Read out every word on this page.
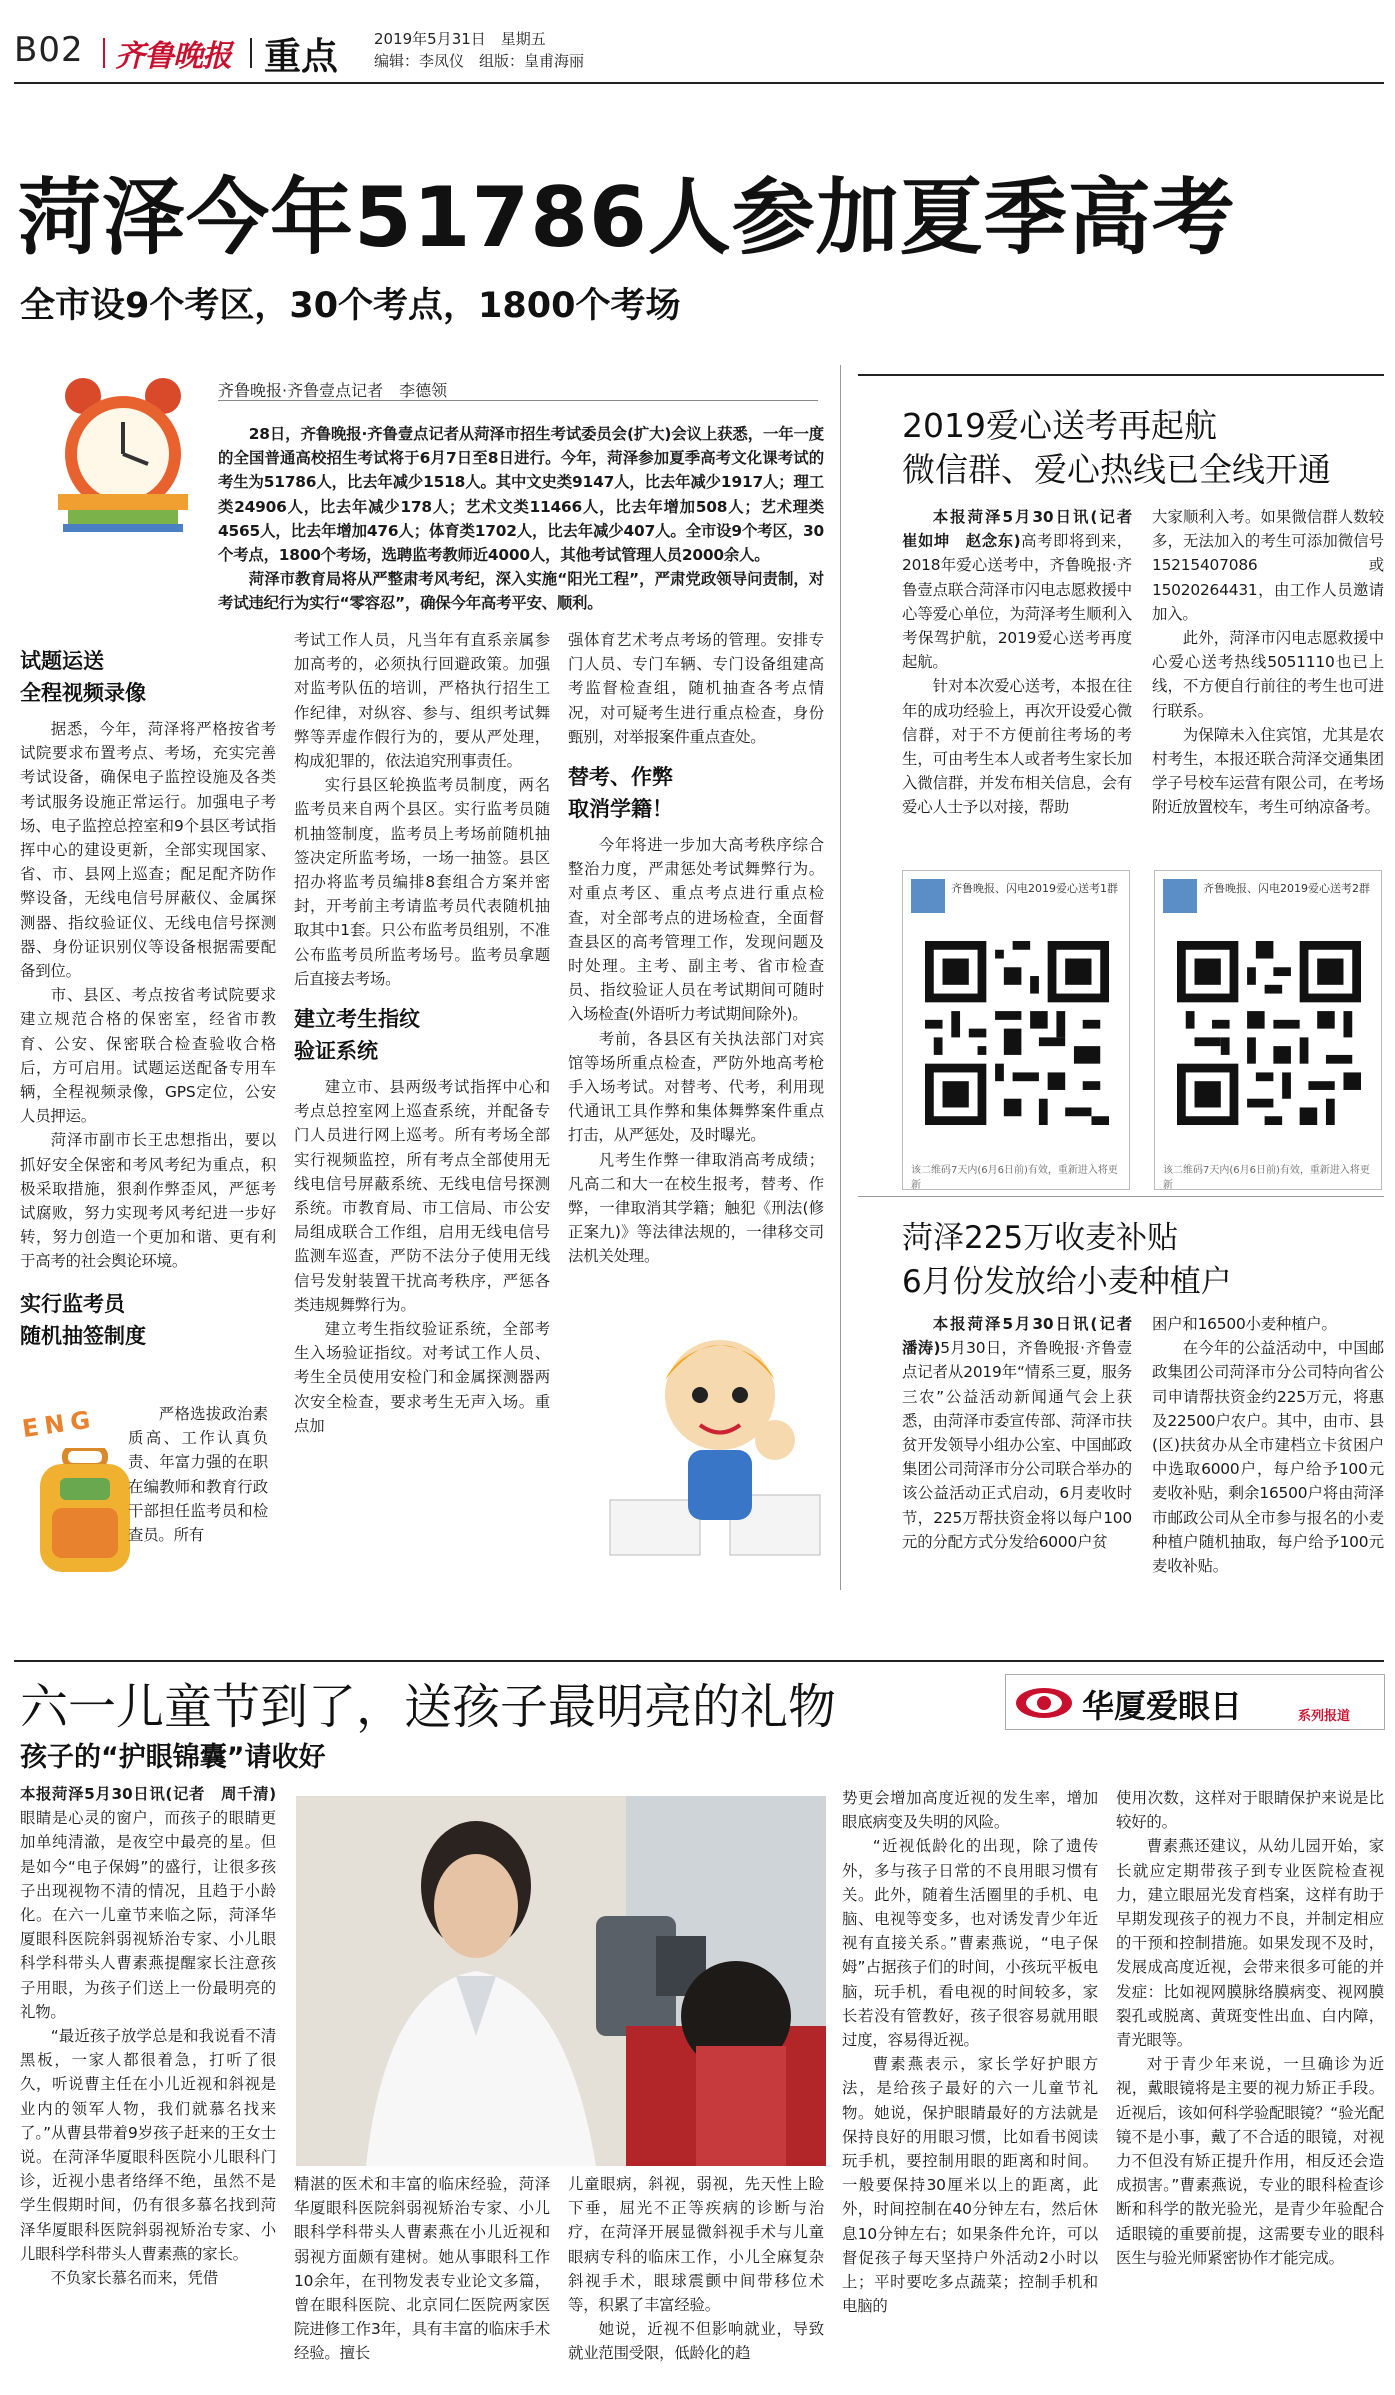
B02 齐鲁晚报 重点 2019年5月31日　星期五
编辑：李凤仪　组版：皇甫海丽
菏泽今年51786人参加夏季高考
全市设9个考区，30个考点，1800个考场
齐鲁晚报·齐鲁壹点记者　李德领

28日，齐鲁晚报·齐鲁壹点记者从菏泽市招生考试委员会(扩大)会议上获悉，一年一度的全国普通高校招生考试将于6月7日至8日进行。今年，菏泽参加夏季高考文化课考试的考生为51786人，比去年减少1518人。其中文史类9147人，比去年减少1917人；理工类24906人，比去年减少178人；艺术文类11466人，比去年增加508人；艺术理类4565人，比去年增加476人；体育类1702人，比去年减少407人。全市设9个考区，30个考点，1800个考场，选聘监考教师近4000人，其他考试管理人员2000余人。

菏泽市教育局将从严整肃考风考纪，深入实施“阳光工程”，严肃党政领导问责制，对考试违纪行为实行“零容忍”，确保今年高考平安、顺利。

试题运送
全程视频录像

据悉，今年，菏泽将严格按省考试院要求布置考点、考场，充实完善考试设备，确保电子监控设施及各类考试服务设施正常运行。加强电子考场、电子监控总控室和9个县区考试指挥中心的建设更新，全部实现国家、省、市、县网上巡查；配足配齐防作弊设备，无线电信号屏蔽仪、金属探测器、指纹验证仪、无线电信号探测器、身份证识别仪等设备根据需要配备到位。

市、县区、考点按省考试院要求建立规范合格的保密室，经省市教育、公安、保密联合检查验收合格后，方可启用。试题运送配备专用车辆，全程视频录像，GPS定位，公安人员押运。

菏泽市副市长王忠想指出，要以抓好安全保密和考风考纪为重点，积极采取措施，狠刹作弊歪风，严惩考试腐败，努力实现考风考纪进一步好转，努力创造一个更加和谐、更有利于高考的社会舆论环境。

实行监考员
随机抽签制度
ENG	严格选拔政治素质高、工作认真负责、年富力强的在职在编教师和教育行政干部担任监考员和检查员。所有

考试工作人员，凡当年有直系亲属参加高考的，必须执行回避政策。加强对监考队伍的培训，严格执行招生工作纪律，对纵容、参与、组织考试舞弊等弄虚作假行为的，要从严处理，构成犯罪的，依法追究刑事责任。

实行县区轮换监考员制度，两名监考员来自两个县区。实行监考员随机抽签制度，监考员上考场前随机抽签决定所监考场，一场一抽签。县区招办将监考员编排8套组合方案并密封，开考前主考请监考员代表随机抽取其中1套。只公布监考员组别，不准公布监考员所监考场号。监考员拿题后直接去考场。

建立考生指纹
验证系统

建立市、县两级考试指挥中心和考点总控室网上巡查系统，并配备专门人员进行网上巡考。所有考场全部实行视频监控，所有考点全部使用无线电信号屏蔽系统、无线电信号探测系统。市教育局、市工信局、市公安局组成联合工作组，启用无线电信号监测车巡查，严防不法分子使用无线信号发射装置干扰高考秩序，严惩各类违规舞弊行为。

建立考生指纹验证系统，全部考生入场验证指纹。对考试工作人员、考生全员使用安检门和金属探测器两次安全检查，要求考生无声入场。重点加

强体育艺术考点考场的管理。安排专门人员、专门车辆、专门设备组建高考监督检查组，随机抽查各考点情况，对可疑考生进行重点检查，身份甄别，对举报案件重点查处。

替考、作弊
取消学籍！

今年将进一步加大高考秩序综合整治力度，严肃惩处考试舞弊行为。对重点考区、重点考点进行重点检查，对全部考点的进场检查，全面督查县区的高考管理工作，发现问题及时处理。主考、副主考、省市检查员、指纹验证人员在考试期间可随时入场检查(外语听力考试期间除外)。

考前，各县区有关执法部门对宾馆等场所重点检查，严防外地高考枪手入场考试。对替考、代考，利用现代通讯工具作弊和集体舞弊案件重点打击，从严惩处，及时曝光。

凡考生作弊一律取消高考成绩；凡高二和大一在校生报考，替考、作弊，一律取消其学籍；触犯《刑法(修正案九)》等法律法规的，一律移交司法机关处理。

2019爱心送考再起航
微信群、爱心热线已全线开通

本报菏泽5月30日讯(记者　崔如坤　赵念东)高考即将到来，2018年爱心送考中，齐鲁晚报·齐鲁壹点联合菏泽市闪电志愿救援中心等爱心单位，为菏泽考生顺利入考保驾护航，2019爱心送考再度起航。

针对本次爱心送考，本报在往年的成功经验上，再次开设爱心微信群，对于不方便前往考场的考生，可由考生本人或者考生家长加入微信群，并发布相关信息，会有爱心人士予以对接，帮助

大家顺利入考。如果微信群人数较多，无法加入的考生可添加微信号15215407086或15020264431，由工作人员邀请加入。

此外，菏泽市闪电志愿救援中心爱心送考热线5051110也已上线，不方便自行前往的考生也可进行联系。

为保障未入住宾馆，尤其是农村考生，本报还联合菏泽交通集团学子号校车运营有限公司，在考场附近放置校车，考生可纳凉备考。

齐鲁晚报、闪电2019爱心送考1群
该二维码7天内(6月6日前)有效，重新进入将更新
齐鲁晚报、闪电2019爱心送考2群
该二维码7天内(6月6日前)有效，重新进入将更新
菏泽225万收麦补贴
6月份发放给小麦种植户

本报菏泽5月30日讯(记者　潘涛)5月30日，齐鲁晚报·齐鲁壹点记者从2019年“情系三夏，服务三农”公益活动新闻通气会上获悉，由菏泽市委宣传部、菏泽市扶贫开发领导小组办公室、中国邮政集团公司菏泽市分公司联合举办的该公益活动正式启动，6月麦收时节，225万帮扶资金将以每户100元的分配方式分发给6000户贫

困户和16500小麦种植户。

在今年的公益活动中，中国邮政集团公司菏泽市分公司特向省公司申请帮扶资金约225万元，将惠及22500户农户。其中，由市、县(区)扶贫办从全市建档立卡贫困户中选取6000户，每户给予100元麦收补贴，剩余16500户将由菏泽市邮政公司从全市参与报名的小麦种植户随机抽取，每户给予100元麦收补贴。

六一儿童节到了，送孩子最明亮的礼物
孩子的“护眼锦囊”请收好
华厦爱眼日	系列报道

本报菏泽5月30日讯(记者　周千清)　眼睛是心灵的窗户，而孩子的眼睛更加单纯清澈，是夜空中最亮的星。但是如今“电子保姆”的盛行，让很多孩子出现视物不清的情况，且趋于小龄化。在六一儿童节来临之际，菏泽华厦眼科医院斜弱视矫治专家、小儿眼科学科带头人曹素燕提醒家长注意孩子用眼，为孩子们送上一份最明亮的礼物。

“最近孩子放学总是和我说看不清黑板，一家人都很着急，打听了很久，听说曹主任在小儿近视和斜视是业内的领军人物，我们就慕名找来了。”从曹县带着9岁孩子赶来的王女士说。在菏泽华厦眼科医院小儿眼科门诊，近视小患者络绎不绝，虽然不是学生假期时间，仍有很多慕名找到菏泽华厦眼科医院斜弱视矫治专家、小儿眼科学科带头人曹素燕的家长。

不负家长慕名而来，凭借

精湛的医术和丰富的临床经验，菏泽华厦眼科医院斜弱视矫治专家、小儿眼科学科带头人曹素燕在小儿近视和弱视方面颇有建树。她从事眼科工作10余年，在刊物发表专业论文多篇，曾在眼科医院、北京同仁医院两家医院进修工作3年，具有丰富的临床手术经验。擅长

儿童眼病，斜视，弱视，先天性上睑下垂，屈光不正等疾病的诊断与治疗，在菏泽开展显微斜视手术与儿童眼病专科的临床工作，小儿全麻复杂斜视手术，眼球震颤中间带移位术等，积累了丰富经验。

她说，近视不但影响就业，导致就业范围受限，低龄化的趋

势更会增加高度近视的发生率，增加眼底病变及失明的风险。

“近视低龄化的出现，除了遗传外，多与孩子日常的不良用眼习惯有关。此外，随着生活圈里的手机、电脑、电视等变多，也对诱发青少年近视有直接关系。”曹素燕说，“电子保姆”占据孩子们的时间，小孩玩平板电脑，玩手机，看电视的时间较多，家长若没有管教好，孩子很容易就用眼过度，容易得近视。

曹素燕表示，家长学好护眼方法，是给孩子最好的六一儿童节礼物。她说，保护眼睛最好的方法就是保持良好的用眼习惯，比如看书阅读玩手机，要控制用眼的距离和时间。一般要保持30厘米以上的距离，此外，时间控制在40分钟左右，然后休息10分钟左右；如果条件允许，可以督促孩子每天坚持户外活动2小时以上；平时要吃多点蔬菜；控制手机和电脑的

使用次数，这样对于眼睛保护来说是比较好的。

曹素燕还建议，从幼儿园开始，家长就应定期带孩子到专业医院检查视力，建立眼屈光发育档案，这样有助于早期发现孩子的视力不良，并制定相应的干预和控制措施。如果发现不及时，发展成高度近视，会带来很多可能的并发症：比如视网膜脉络膜病变、视网膜裂孔或脱离、黄斑变性出血、白内障，青光眼等。

对于青少年来说，一旦确诊为近视，戴眼镜将是主要的视力矫正手段。近视后，该如何科学验配眼镜？“验光配镜不是小事，戴了不合适的眼镜，对视力不但没有矫正提升作用，相反还会造成损害。”曹素燕说，专业的眼科检查诊断和科学的散光验光，是青少年验配合适眼镜的重要前提，这需要专业的眼科医生与验光师紧密协作才能完成。
